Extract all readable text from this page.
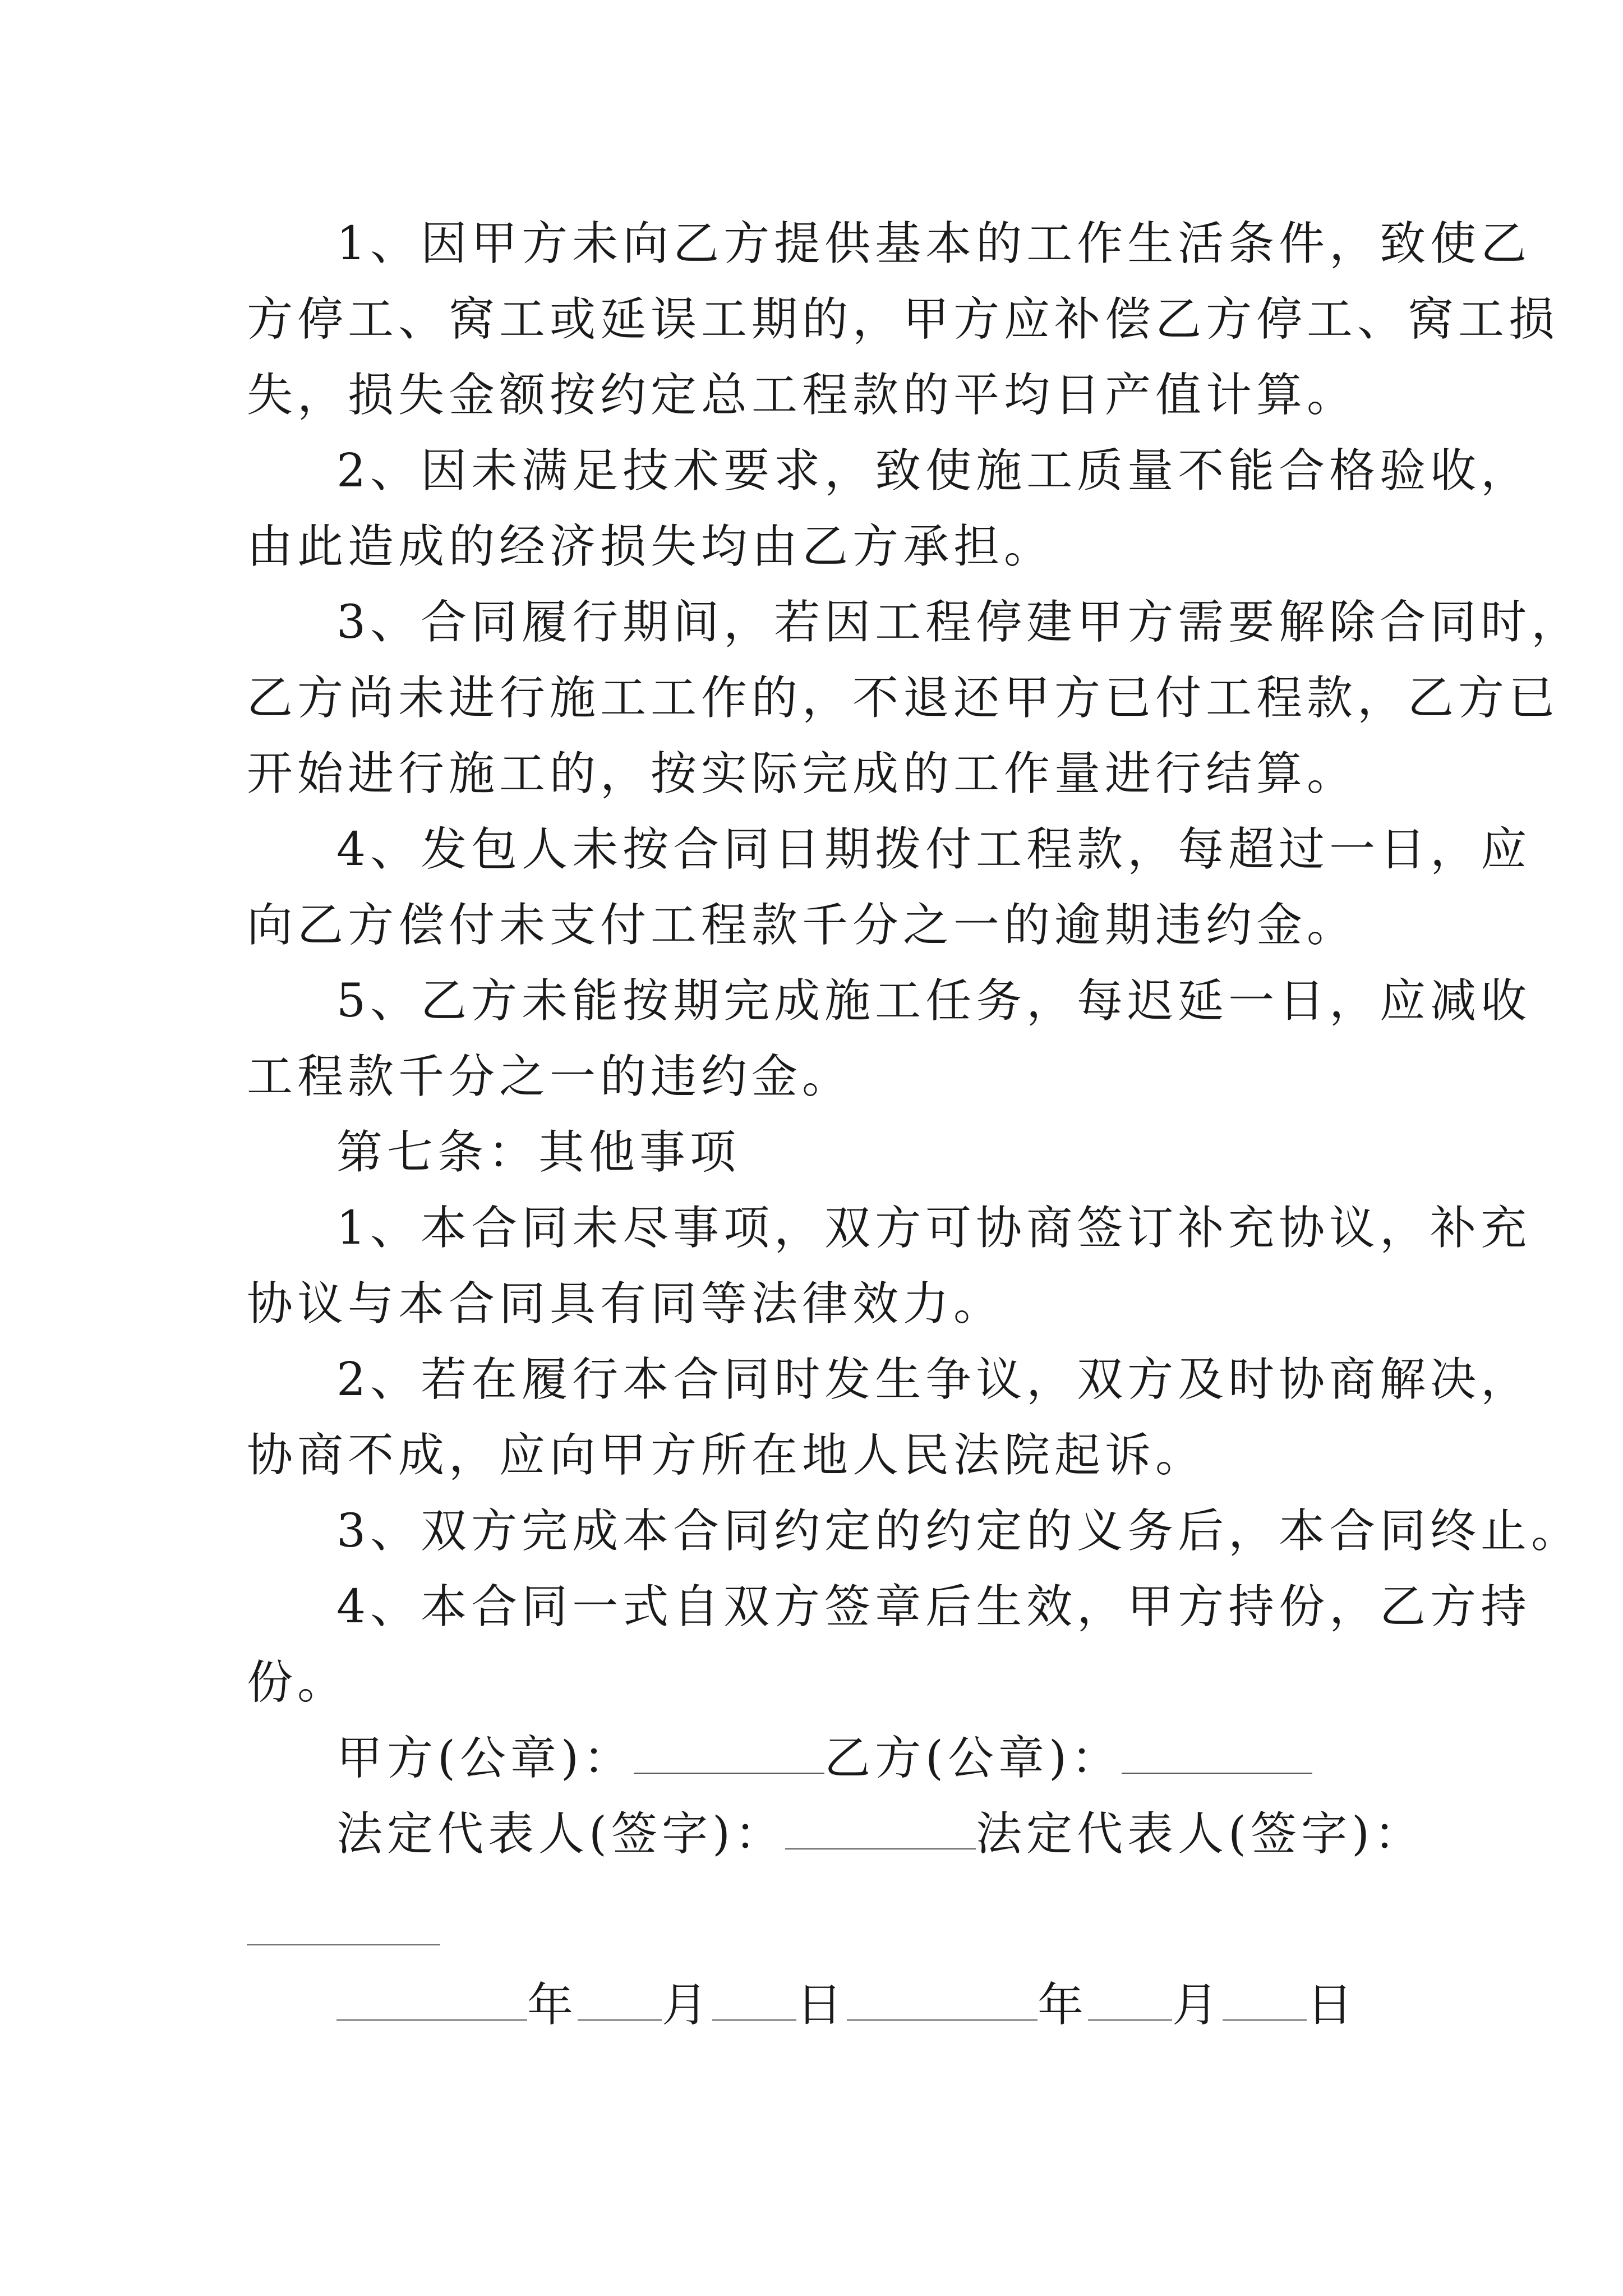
1、因甲方未向乙方提供基本的工作生活条件，致使乙
方停工、窝工或延误工期的，甲方应补偿乙方停工、窝工损
失，损失金额按约定总工程款的平均日产值计算。
2、因未满足技术要求，致使施工质量不能合格验收，
由此造成的经济损失均由乙方承担。
3、合同履行期间，若因工程停建甲方需要解除合同时，
乙方尚未进行施工工作的，不退还甲方已付工程款，乙方已
开始进行施工的，按实际完成的工作量进行结算。
4、发包人未按合同日期拨付工程款，每超过一日，应
向乙方偿付未支付工程款千分之一的逾期违约金。
5、乙方未能按期完成施工任务，每迟延一日，应减收
工程款千分之一的违约金。
第七条：其他事项
1、本合同未尽事项，双方可协商签订补充协议，补充
协议与本合同具有同等法律效力。
2、若在履行本合同时发生争议，双方及时协商解决，
协商不成，应向甲方所在地人民法院起诉。
3、双方完成本合同约定的约定的义务后，本合同终止。
4、本合同一式自双方签章后生效，甲方持份，乙方持
份。
甲方(公章)：	乙方(公章)：
法定代表人(签字)：	法定代表人(签字)：
年 月 日	年 月 日
